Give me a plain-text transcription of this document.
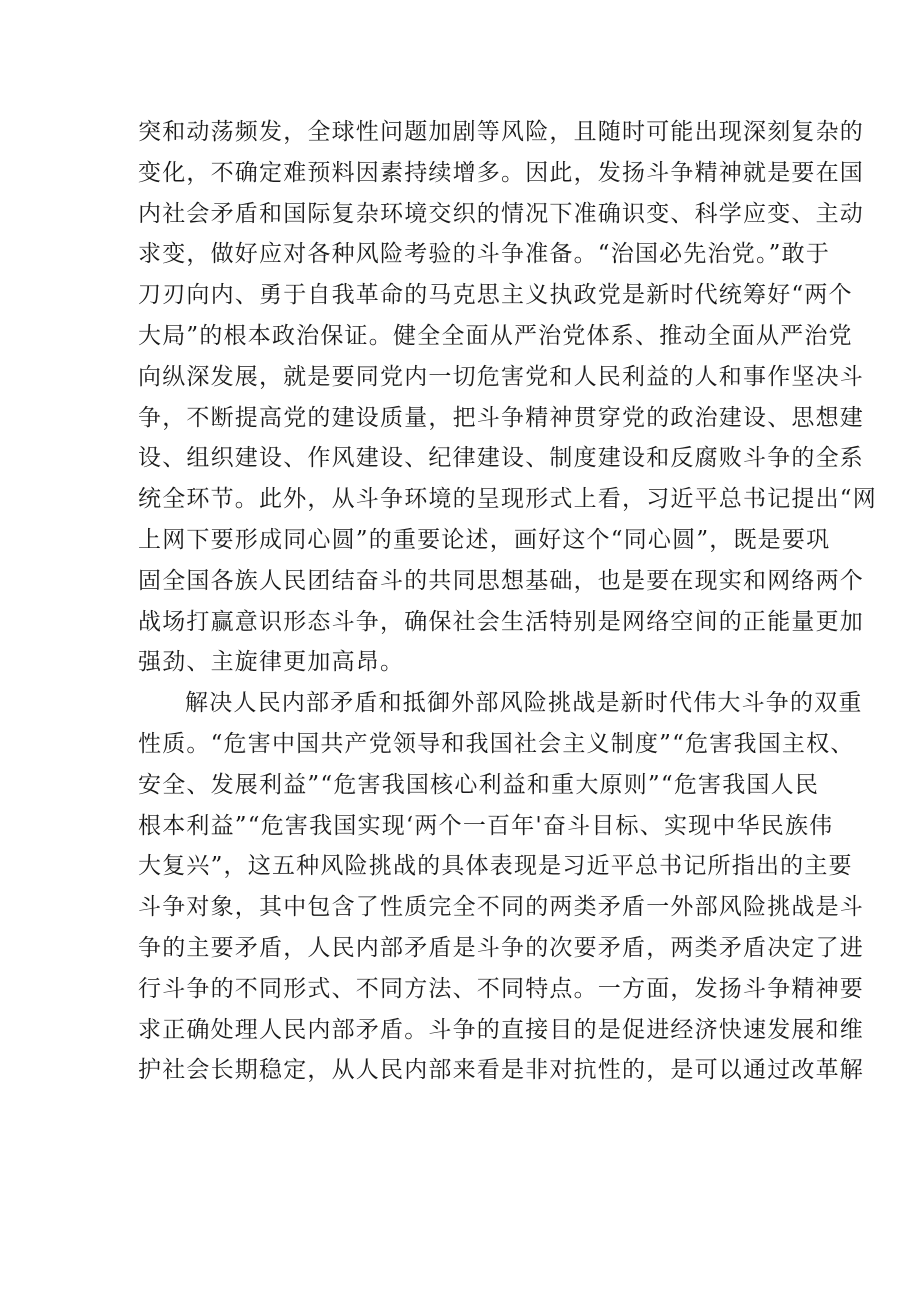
突和动荡频发，全球性问题加剧等风险，且随时可能出现深刻复杂的
变化，不确定难预料因素持续增多。因此，发扬斗争精神就是要在国
内社会矛盾和国际复杂环境交织的情况下准确识变、科学应变、主动
求变，做好应对各种风险考验的斗争准备。“治国必先治党。”敢于
刀刃向内、勇于自我革命的马克思主义执政党是新时代统筹好“两个
大局”的根本政治保证。健全全面从严治党体系、推动全面从严治党
向纵深发展，就是要同党内一切危害党和人民利益的人和事作坚决斗
争，不断提高党的建设质量，把斗争精神贯穿党的政治建设、思想建
设、组织建设、作风建设、纪律建设、制度建设和反腐败斗争的全系
统全环节。此外，从斗争环境的呈现形式上看，习近平总书记提出“网
上网下要形成同心圆”的重要论述，画好这个“同心圆”，既是要巩
固全国各族人民团结奋斗的共同思想基础，也是要在现实和网络两个
战场打赢意识形态斗争，确保社会生活特别是网络空间的正能量更加
强劲、主旋律更加高昂。
解决人民内部矛盾和抵御外部风险挑战是新时代伟大斗争的双重
性质。“危害中国共产党领导和我国社会主义制度”“危害我国主权、
安全、发展利益”“危害我国核心利益和重大原则”“危害我国人民
根本利益”“危害我国实现‘两个一百年'奋斗目标、实现中华民族伟
大复兴”，这五种风险挑战的具体表现是习近平总书记所指出的主要
斗争对象，其中包含了性质完全不同的两类矛盾一外部风险挑战是斗
争的主要矛盾，人民内部矛盾是斗争的次要矛盾，两类矛盾决定了进
行斗争的不同形式、不同方法、不同特点。一方面，发扬斗争精神要
求正确处理人民内部矛盾。斗争的直接目的是促进经济快速发展和维
护社会长期稳定，从人民内部来看是非对抗性的，是可以通过改革解
